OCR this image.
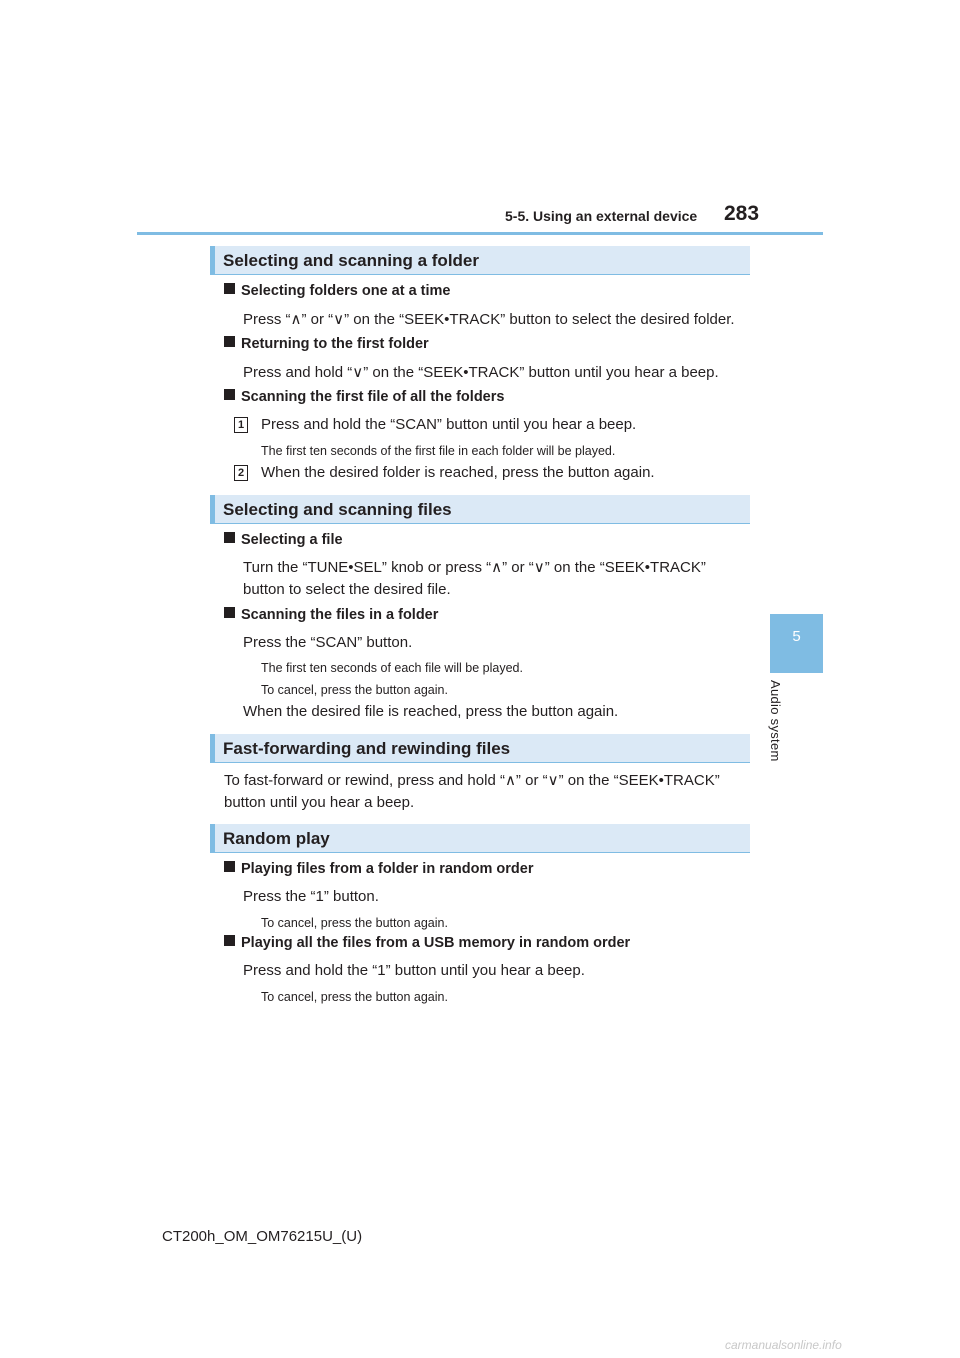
5-5. Using an external device 283
5
Audio system
Selecting and scanning a folder
Selecting folders one at a time
Press “∧” or “∨” on the “SEEK•TRACK” button to select the desired folder.
Returning to the first folder
Press and hold “∨” on the “SEEK•TRACK” button until you hear a beep.
Scanning the first file of all the folders
1 Press and hold the “SCAN” button until you hear a beep.
The first ten seconds of the first file in each folder will be played.
2 When the desired folder is reached, press the button again.
Selecting and scanning files
Selecting a file
Turn the “TUNE•SEL” knob or press “∧” or “∨” on the “SEEK•TRACK” button to select the desired file.
Scanning the files in a folder
Press the “SCAN” button.
The first ten seconds of each file will be played.
To cancel, press the button again.
When the desired file is reached, press the button again.
Fast-forwarding and rewinding files
To fast-forward or rewind, press and hold “∧” or “∨” on the “SEEK•TRACK” button until you hear a beep.
Random play
Playing files from a folder in random order
Press the “1” button.
To cancel, press the button again.
Playing all the files from a USB memory in random order
Press and hold the “1” button until you hear a beep.
To cancel, press the button again.
CT200h_OM_OM76215U_(U)
carmanualsonline.info
